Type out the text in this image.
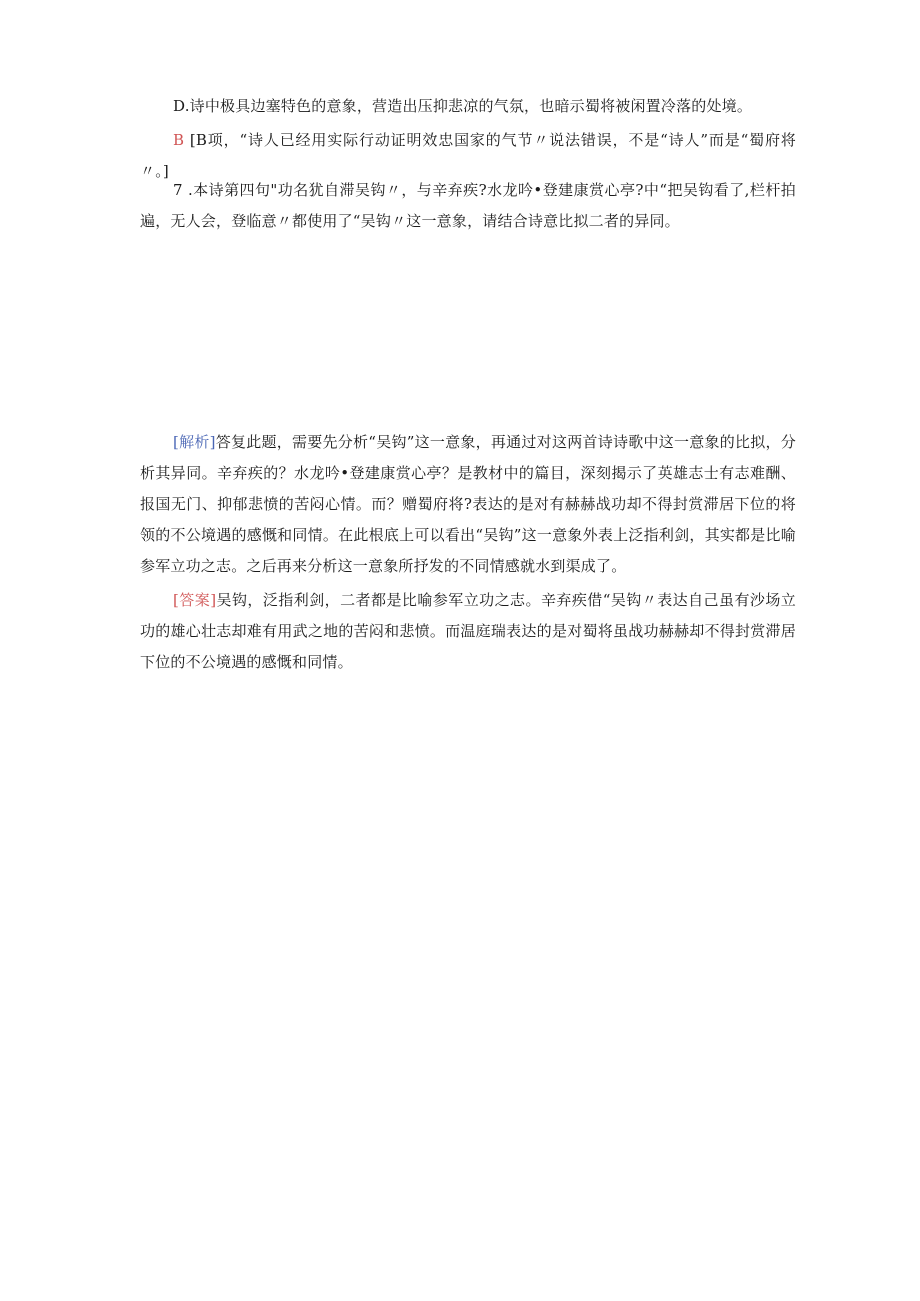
D.诗中极具边塞特色的意象，营造出压抑悲凉的气氛，也暗示蜀将被闲置冷落的处境。

B [B项，“诗人已经用实际行动证明效忠国家的气节〃说法错误，不是“诗人”而是“蜀府将〃。]

7 .本诗第四句"功名犹自滞吴钩〃，与辛弃疾?水龙吟•登建康赏心亭?中“把吴钩看了,栏杆拍遍，无人会，登临意〃都使用了“吴钩〃这一意象，请结合诗意比拟二者的异同。

[解析]答复此题，需要先分析“吴钩”这一意象，再通过对这两首诗诗歌中这一意象的比拟，分析其异同。辛弃疾的？水龙吟•登建康赏心亭？是教材中的篇目，深刻揭示了英雄志士有志难酬、报国无门、抑郁悲愤的苦闷心情。而？赠蜀府将?表达的是对有赫赫战功却不得封赏滞居下位的将领的不公境遇的感慨和同情。在此根底上可以看出“吴钩”这一意象外表上泛指利剑，其实都是比喻参军立功之志。之后再来分析这一意象所抒发的不同情感就水到渠成了。

[答案]吴钩，泛指利剑，二者都是比喻参军立功之志。辛弃疾借“吴钩〃表达自己虽有沙场立功的雄心壮志却难有用武之地的苦闷和悲愤。而温庭瑞表达的是对蜀将虽战功赫赫却不得封赏滞居下位的不公境遇的感慨和同情。
